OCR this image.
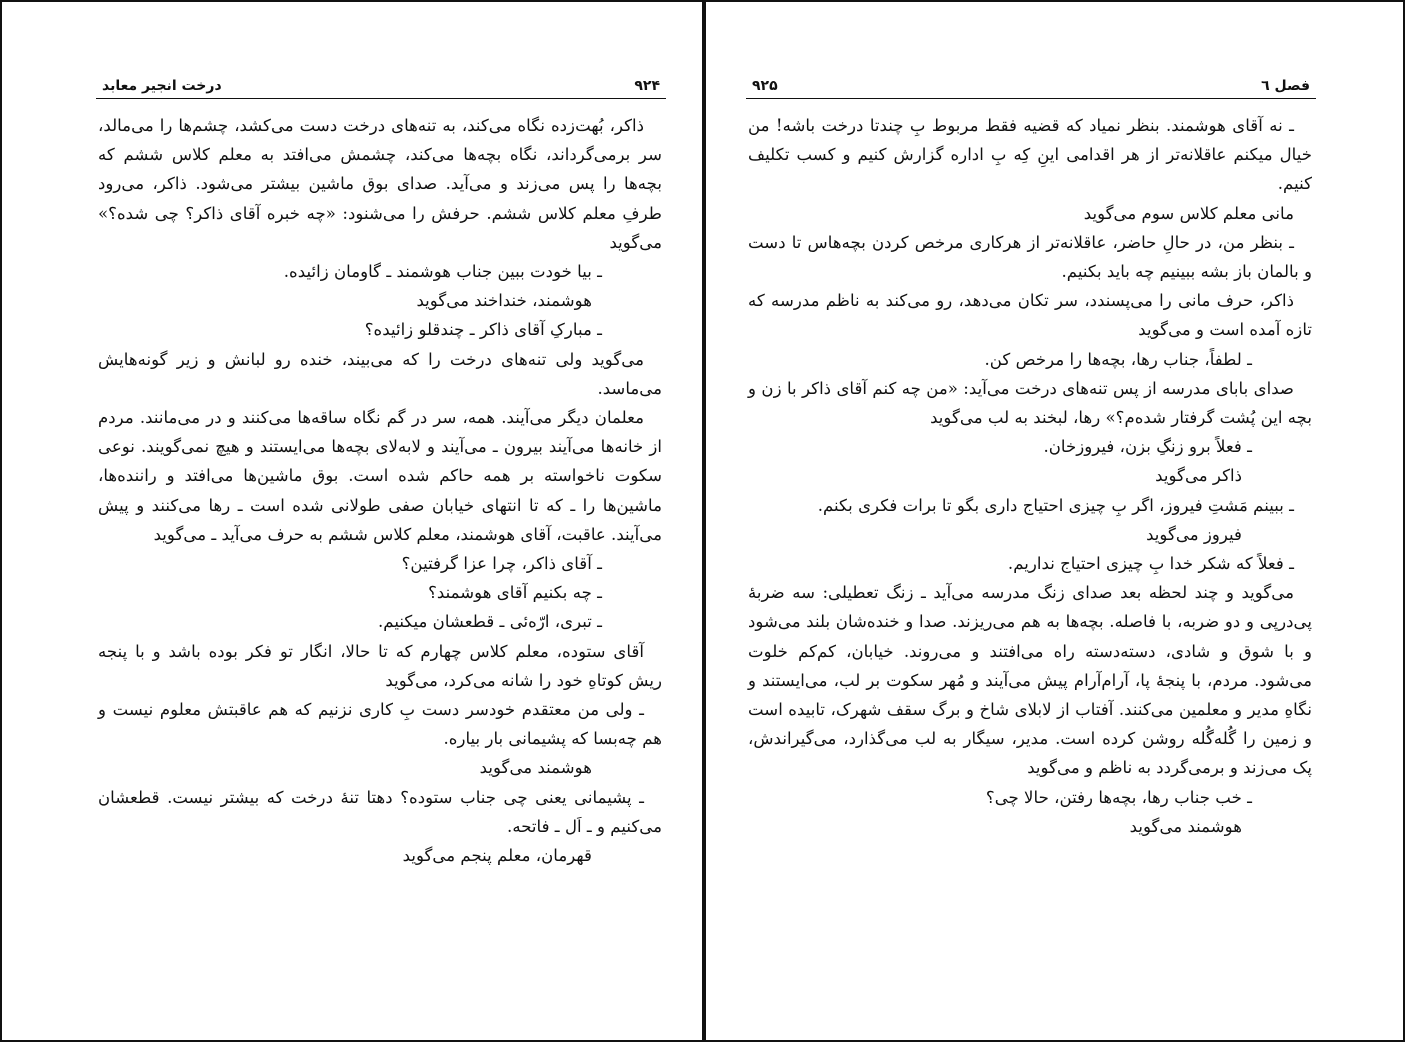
درخت انجیر معابد	۹۲۴

ذاکر، بُهت‌زده نگاه می‌کند، به تنه‌های درخت دست می‌کشد، چشم‌ها را می‌مالد، سر برمی‌گرداند، نگاه بچه‌ها می‌کند، چشمش می‌افتد به معلم کلاس ششم که بچه‌ها را پس می‌زند و می‌آید. صدای بوق ماشین بیشتر می‌شود. ذاکر، می‌رود طرفِ معلم کلاس ششم. حرفش را می‌شنود: «چه خبره آقای ذاکر؟ چی شده؟» می‌گوید

ـ بیا خودت ببین جناب هوشمند ـ گاومان زائیده.

هوشمند، خنداخند می‌گوید

ـ مبارکِ آقای ذاکر ـ چندقلو زائیده؟

می‌گوید ولی تنه‌های درخت را که می‌بیند، خنده رو لبانش و زیر گونه‌هایش می‌ماسد.

معلمان دیگر می‌آیند. همه، سر در گم نگاه ساقه‌ها می‌کنند و در می‌مانند. مردم از خانه‌ها می‌آیند بیرون ـ می‌آیند و لابه‌لای بچه‌ها می‌ایستند و هیچ نمی‌گویند. نوعی سکوت ناخواسته بر همه حاکم شده است. بوق ماشین‌ها می‌افتد و راننده‌ها، ماشین‌ها را ـ که تا انتهای خیابان صفی طولانی شده است ـ رها می‌کنند و پیش می‌آیند. عاقبت، آقای هوشمند، معلم کلاس ششم به حرف می‌آید ـ می‌گوید

ـ آقای ذاکر، چرا عزا گرفتین؟

ـ چه بکنیم آقای هوشمند؟

ـ تبری، ارّه‌ئی ـ قطعشان میکنیم.

آقای ستوده، معلم کلاس چهارم که تا حالا، انگار تو فکر بوده باشد و با پنجه ریش کوتاهِ خود را شانه می‌کرد، می‌گوید

ـ ولی من معتقدم خودسر دست بِ کاری نزنیم که هم عاقبتش معلوم نیست و هم چه‌بسا که پشیمانی بار بیاره.

هوشمند می‌گوید

ـ پشیمانی یعنی چی جناب ستوده؟ دهتا تنهٔ درخت که بیشتر نیست. قطعشان می‌کنیم و ـ اَل ـ فاتحه.

قهرمان، معلم پنجم می‌گوید

۹۲۵	فصل ٦

ـ نه آقای هوشمند. بنظر نمیاد که قضیه فقط مربوط بِ چندتا درخت باشه! من خیال میکنم عاقلانه‌تر از هر اقدامی اینِ کِه بِ اداره گزارش کنیم و کسب تکلیف کنیم.

مانی معلم کلاس سوم می‌گوید

ـ بنظر من، در حالِ حاضر، عاقلانه‌تر از هرکاری مرخص کردن بچه‌هاس تا دست و بالمان باز بشه ببینیم چه باید بکنیم.

ذاکر، حرف مانی را می‌پسندد، سر تکان می‌دهد، رو می‌کند به ناظم مدرسه که تازه آمده است و می‌گوید

ـ لطفاً، جناب رها، بچه‌ها را مرخص کن.

صدای بابای مدرسه از پس تنه‌های درخت می‌آید: «من چه کنم آقای ذاکر با زن و بچه این پُشت گرفتار شده‌م؟» رها، لبخند به لب می‌گوید

ـ فعلاً برو زنگِ بزن، فیروزخان.

ذاکر می‌گوید

ـ ببینم مَشتِ فیروز، اگر بِ چیزی احتیاج داری بگو تا برات فکری بکنم.

فیروز می‌گوید

ـ فعلاً که شکر خدا بِ چیزی احتیاج نداریم.

می‌گوید و چند لحظه بعد صدای زنگ مدرسه می‌آید ـ زنگ تعطیلی: سه ضربهٔ پی‌درپی و دو ضربه، با فاصله. بچه‌ها به هم می‌ریزند. صدا و خنده‌شان بلند می‌شود و با شوق و شادی، دسته‌دسته راه می‌افتند و می‌روند. خیابان، کم‌کم خلوت می‌شود. مردم، با پنجهٔ پا، آرام‌آرام پیش می‌آیند و مُهر سکوت بر لب، می‌ایستند و نگاهِ مدیر و معلمین می‌کنند. آفتاب از لابلای شاخ و برگ سقف شهرک، تابیده است و زمین را گُله‌گُله روشن کرده است. مدیر، سیگار به لب می‌گذارد، می‌گیراندش، پک می‌زند و برمی‌گردد به ناظم و می‌گوید

ـ خب جناب رها، بچه‌ها رفتن، حالا چی؟

هوشمند می‌گوید
